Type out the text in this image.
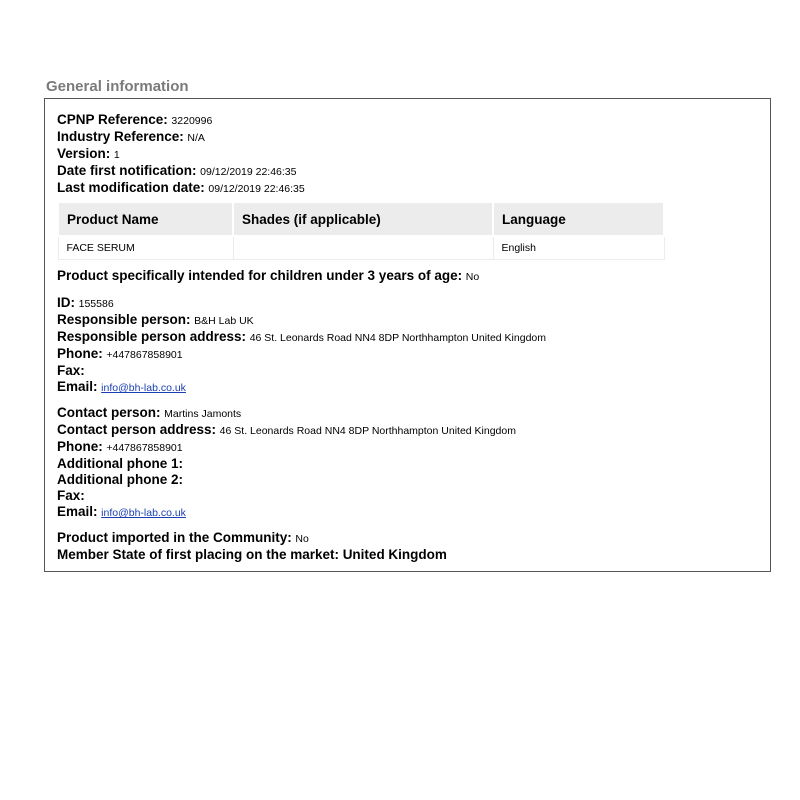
General information
CPNP Reference: 3220996
Industry Reference: N/A
Version: 1
Date first notification: 09/12/2019 22:46:35
Last modification date: 09/12/2019 22:46:35
Product Name	Shades (if applicable)	Language
FACE SERUM		English
Product specifically intended for children under 3 years of age: No
ID: 155586
Responsible person: B&H Lab UK
Responsible person address: 46 St. Leonards Road NN4 8DP Northhampton United Kingdom
Phone: +447867858901
Fax:
Email: info@bh-lab.co.uk
Contact person: Martins Jamonts
Contact person address: 46 St. Leonards Road NN4 8DP Northhampton United Kingdom
Phone: +447867858901
Additional phone 1:
Additional phone 2:
Fax:
Email: info@bh-lab.co.uk
Product imported in the Community: No
Member State of first placing on the market: United Kingdom
